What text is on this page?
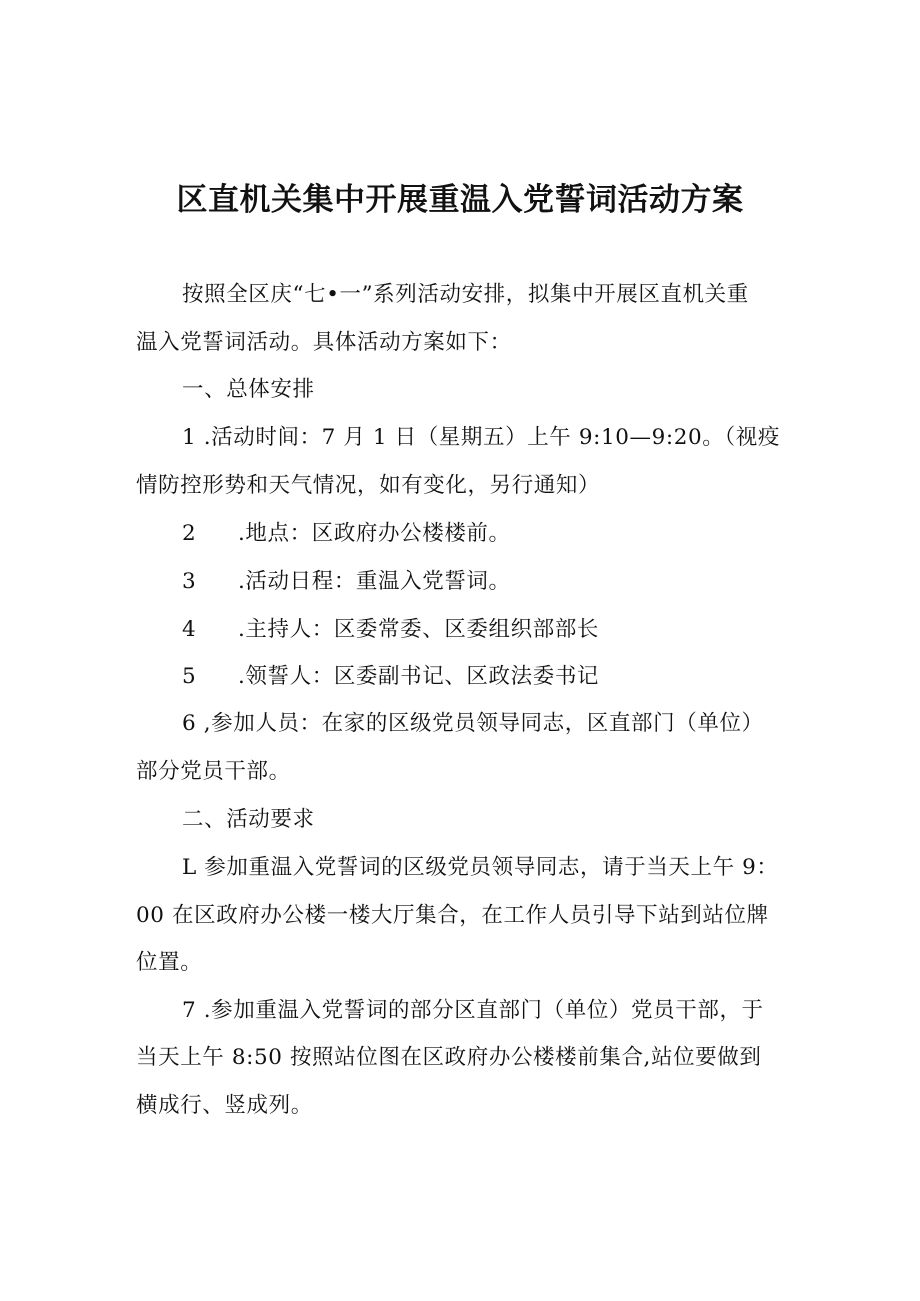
区直机关集中开展重温入党誓词活动方案
按照全区庆“七•一”系列活动安排，拟集中开展区直机关重
温入党誓词活动。具体活动方案如下：
一、总体安排
1 .活动时间：7 月 1 日（星期五）上午 9:10—9:20。（视疫
情防控形势和天气情况，如有变化，另行通知）
2 .地点：区政府办公楼楼前。
3 .活动日程：重温入党誓词。
4 .主持人：区委常委、区委组织部部长
5 .领誓人：区委副书记、区政法委书记
6 ,参加人员：在家的区级党员领导同志，区直部门（单位）
部分党员干部。
二、活动要求
L 参加重温入党誓词的区级党员领导同志，请于当天上午 9：
00 在区政府办公楼一楼大厅集合，在工作人员引导下站到站位牌
位置。
7 .参加重温入党誓词的部分区直部门（单位）党员干部，于
当天上午 8:50 按照站位图在区政府办公楼楼前集合,站位要做到
横成行、竖成列。
